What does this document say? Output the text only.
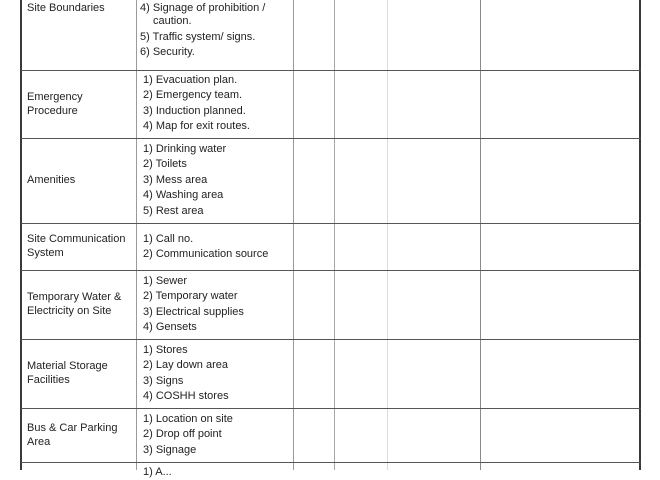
Site Boundaries	4) Signage of prohibition /
caution.
5) Traffic system/ signs.
6) Security.
Emergency
Procedure
1) Evacuation plan.
2) Emergency team.
3) Induction planned.
4) Map for exit routes.
Amenities
1) Drinking water
2) Toilets
3) Mess area
4) Washing area
5) Rest area
Site Communication
System
1) Call no.
2) Communication source
Temporary Water &
Electricity on Site
1) Sewer
2) Temporary water
3) Electrical supplies
4) Gensets
Material Storage
Facilities
1) Stores
2) Lay down area
3) Signs
4) COSHH stores
Bus & Car Parking
Area
1) Location on site
2) Drop off point
3) Signage
1) A...
